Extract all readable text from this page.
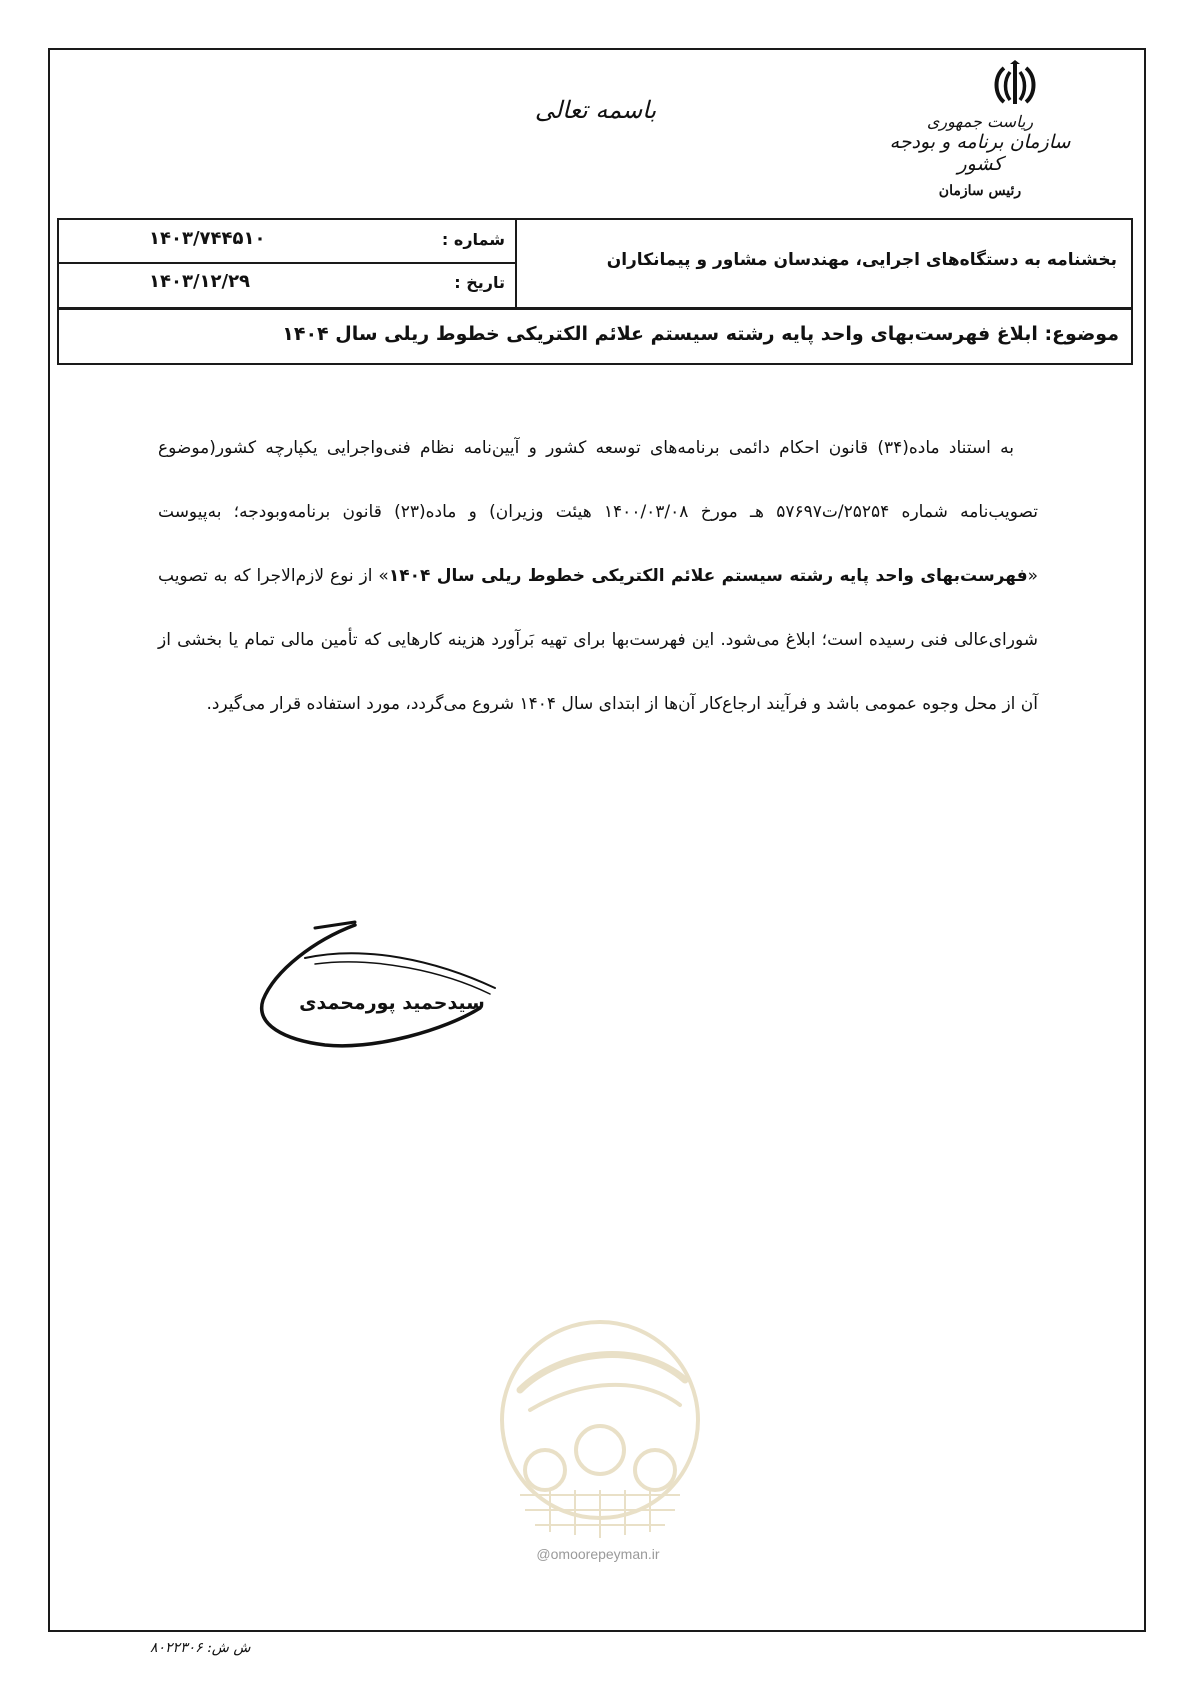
باسمه تعالی	ریاست جمهوری
سازمان برنامه و بودجه کشور
رئیس سازمان
بخشنامه به دستگاه‌های اجرایی، مهندسان مشاور و پیمانکاران
شماره :
۱۴۰۳/۷۴۴۵۱۰
تاریخ :
۱۴۰۳/۱۲/۲۹
موضوع: ابلاغ فهرست‌بهای واحد پایه رشته سیستم علائم الکتریکی خطوط ریلی سال ۱۴۰۴

به استناد ماده(۳۴) قانون احکام دائمی برنامه‌های توسعه کشور و آیین‌نامه نظام فنی‌واجرایی یکپارچه کشور(موضوع تصویب‌نامه شماره ۲۵۲۵۴/ت۵۷۶۹۷ هـ مورخ ۱۴۰۰/۰۳/۰۸ هیئت وزیران) و ماده(۲۳) قانون برنامه‌وبودجه؛ به‌پیوست «فهرست‌بهای واحد پایه رشته سیستم علائم الکتریکی خطوط ریلی سال ۱۴۰۴» از نوع لازم‌الاجرا که به تصویب شورای‌عالی فنی رسیده است؛ ابلاغ می‌شود. این فهرست‌بها برای تهیه بَرآورد هزینه کارهایی که تأمین مالی تمام یا بخشی از آن از محل وجوه عمومی باشد و فرآیند ارجاع‌کار آن‌ها از ابتدای سال ۱۴۰۴ شروع می‌گردد، مورد استفاده قرار می‌گیرد.

سیدحمید پورمحمدی
@omoorepeyman.ir
ش ش: ۸۰۲۲۳۰۶
